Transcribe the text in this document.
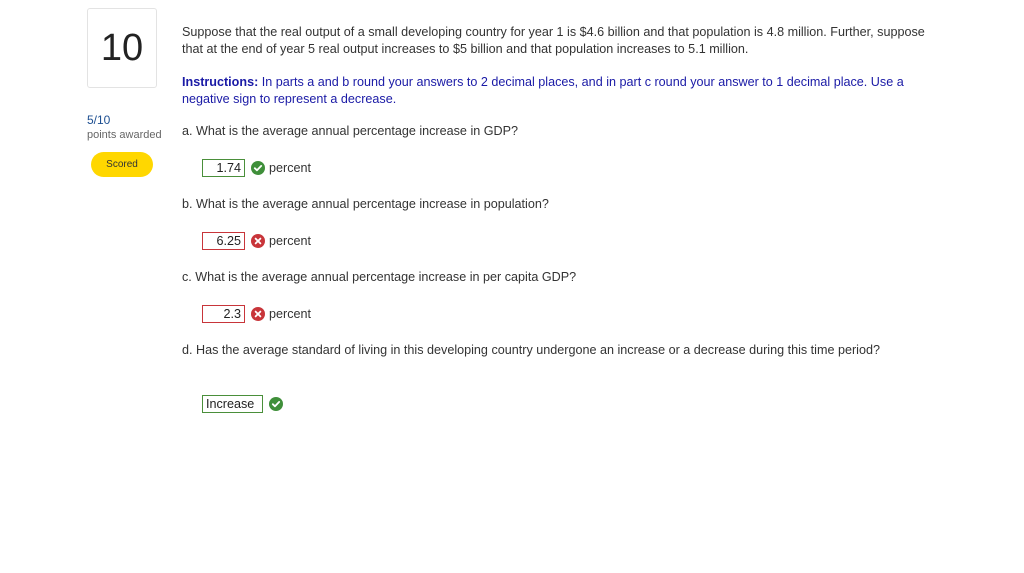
10
5/10
points awarded
Scored

Suppose that the real output of a small developing country for year 1 is $4.6 billion and that population is 4.8 million. Further, suppose that at the end of year 5 real output increases to $5 billion and that population increases to 5.1 million.

Instructions: In parts a and b round your answers to 2 decimal places, and in part c round your answer to 1 decimal place. Use a negative sign to represent a decrease.
a. What is the average annual percentage increase in GDP?
1.74	percent
b. What is the average annual percentage increase in population?
6.25	percent
c. What is the average annual percentage increase in per capita GDP?
2.3	percent
d. Has the average standard of living in this developing country undergone an increase or a decrease during this time period?
Increase
